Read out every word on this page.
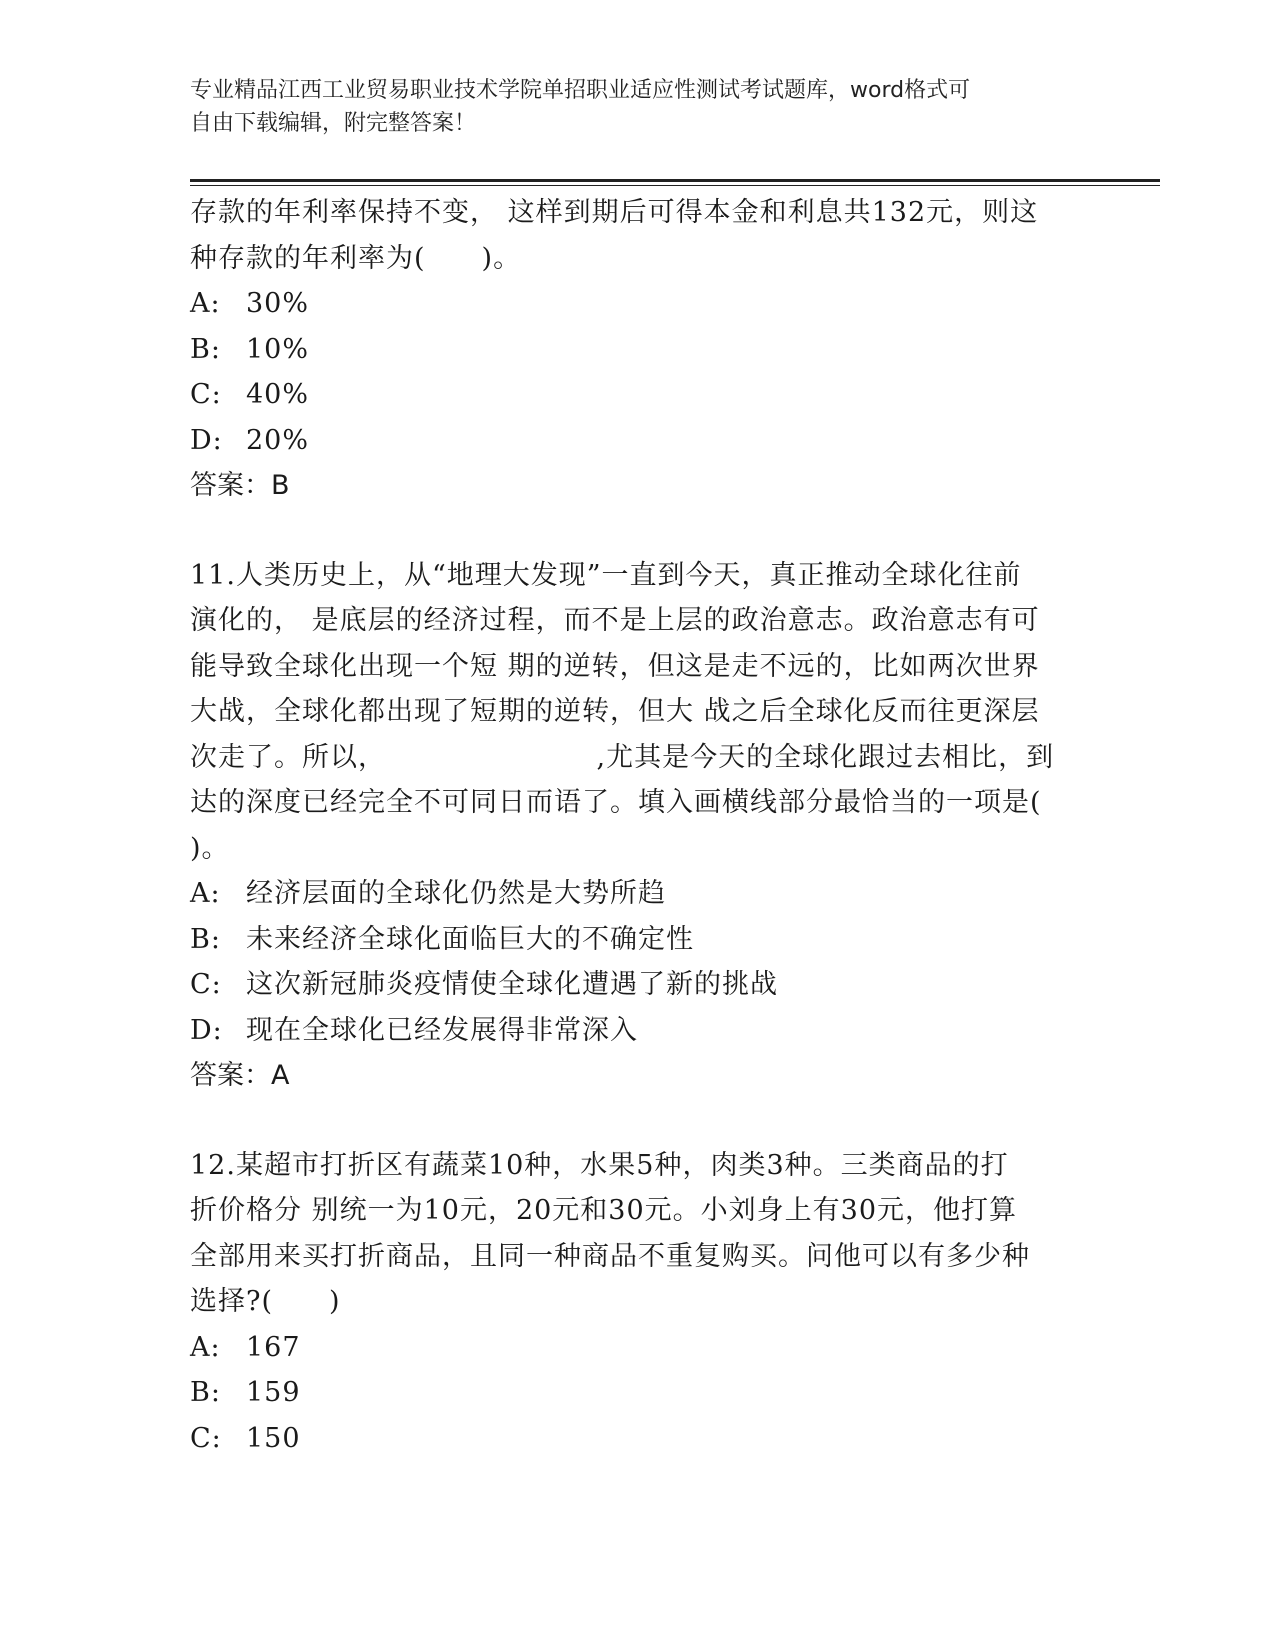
专业精品江西工业贸易职业技术学院单招职业适应性测试考试题库，word格式可
自由下载编辑，附完整答案！
存款的年利率保持不变， 这样到期后可得本金和利息共132元，则这
种存款的年利率为(　　)。
A: 30%
B: 10%
C: 40%
D: 20%
答案：B
11.人类历史上，从“地理大发现”一直到今天，真正推动全球化往前
演化的， 是底层的经济过程，而不是上层的政治意志。政治意志有可
能导致全球化出现一个短 期的逆转，但这是走不远的，比如两次世界
大战，全球化都出现了短期的逆转，但大 战之后全球化反而往更深层
次走了。所以，　　　　　　　　,尤其是今天的全球化跟过去相比，到
达的深度已经完全不可同日而语了。填入画横线部分最恰当的一项是(
)。
A: 经济层面的全球化仍然是大势所趋
B: 未来经济全球化面临巨大的不确定性
C: 这次新冠肺炎疫情使全球化遭遇了新的挑战
D: 现在全球化已经发展得非常深入
答案：A
12.某超市打折区有蔬菜10种，水果5种，肉类3种。三类商品的打
折价格分 别统一为10元，20元和30元。小刘身上有30元，他打算
全部用来买打折商品，且同一种商品不重复购买。问他可以有多少种
选择?(　　)
A: 167
B: 159
C: 150
